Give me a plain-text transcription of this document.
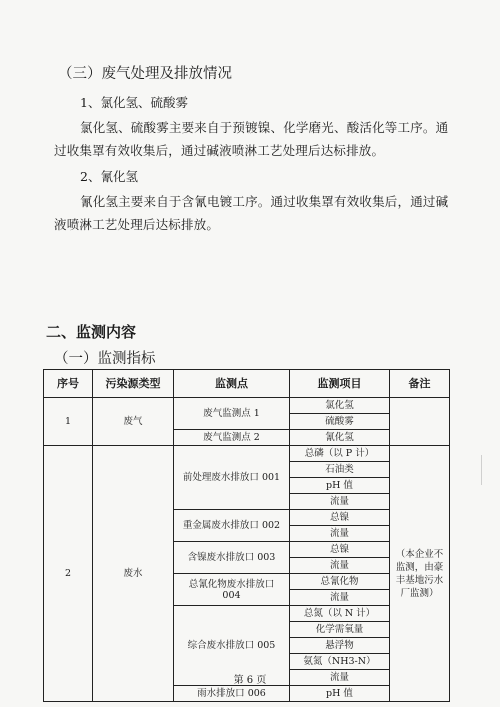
（三）废气处理及排放情况
1、氯化氢、硫酸雾
氯化氢、硫酸雾主要来自于预镀镍、化学磨光、酸活化等工序。通过收集罩有效收集后，通过碱液喷淋工艺处理后达标排放。
2、氰化氢
氰化氢主要来自于含氰电镀工序。通过收集罩有效收集后，通过碱液喷淋工艺处理后达标排放。
二、监测内容
（一）监测指标
序号	污染源类型	监测点	监测项目	备注
1	废气	废气监测点 1	氯化氢	
			硫酸雾	
		废气监测点 2	氰化氢	
2	废水	前处理废水排放口 001	总磷（以 P 计）	（本企业不监测，由豪丰基地污水厂监测）
			石油类	
			pH 值	
			流量	
		重金属废水排放口 002	总镍	
			流量	
		含镍废水排放口 003	总镍	
			流量	
		总氰化物废水排放口 004	总氰化物	
			流量	
		综合废水排放口 005	总氮（以 N 计）	
			化学需氧量	
			悬浮物	
			氨氮（NH3-N）	
			流量	
		雨水排放口 006	pH 值	
第 6 页
